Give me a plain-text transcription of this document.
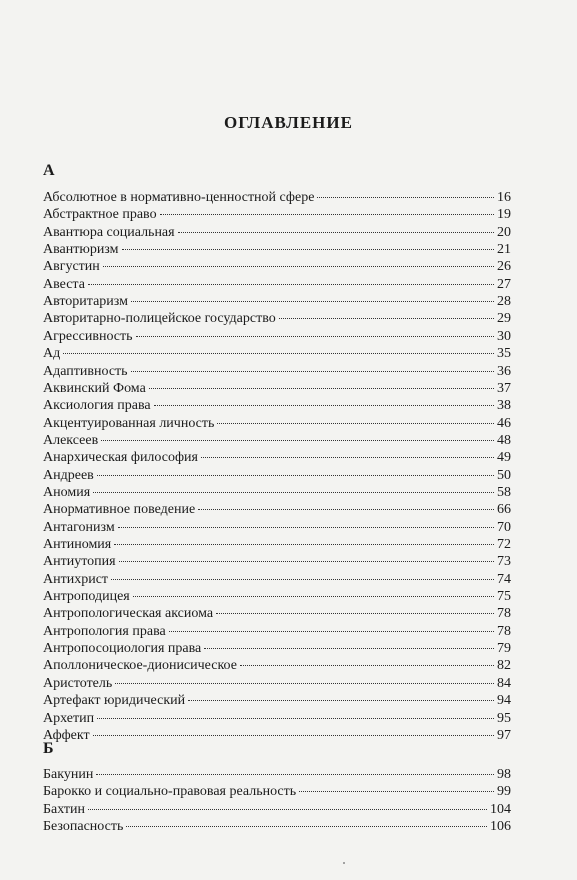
ОГЛАВЛЕНИЕ
А
Абсолютное в нормативно-ценностной сфере	16
Абстрактное право	19
Авантюра социальная	20
Авантюризм	21
Августин	26
Авеста	27
Авторитаризм	28
Авторитарно-полицейское государство	29
Агрессивность	30
Ад	35
Адаптивность	36
Аквинский Фома	37
Аксиология права	38
Акцентуированная личность	46
Алексеев	48
Анархическая философия	49
Андреев	50
Аномия	58
Анормативное поведение	66
Антагонизм	70
Антиномия	72
Антиутопия	73
Антихрист	74
Антроподицея	75
Антропологическая аксиома	78
Антропология права	78
Антропосоциология права	79
Аполлоническое-дионисическое	82
Аристотель	84
Артефакт юридический	94
Архетип	95
Аффект	97
Б
Бакунин	98
Барокко и социально-правовая реальность	99
Бахтин	104
Безопасность	106
